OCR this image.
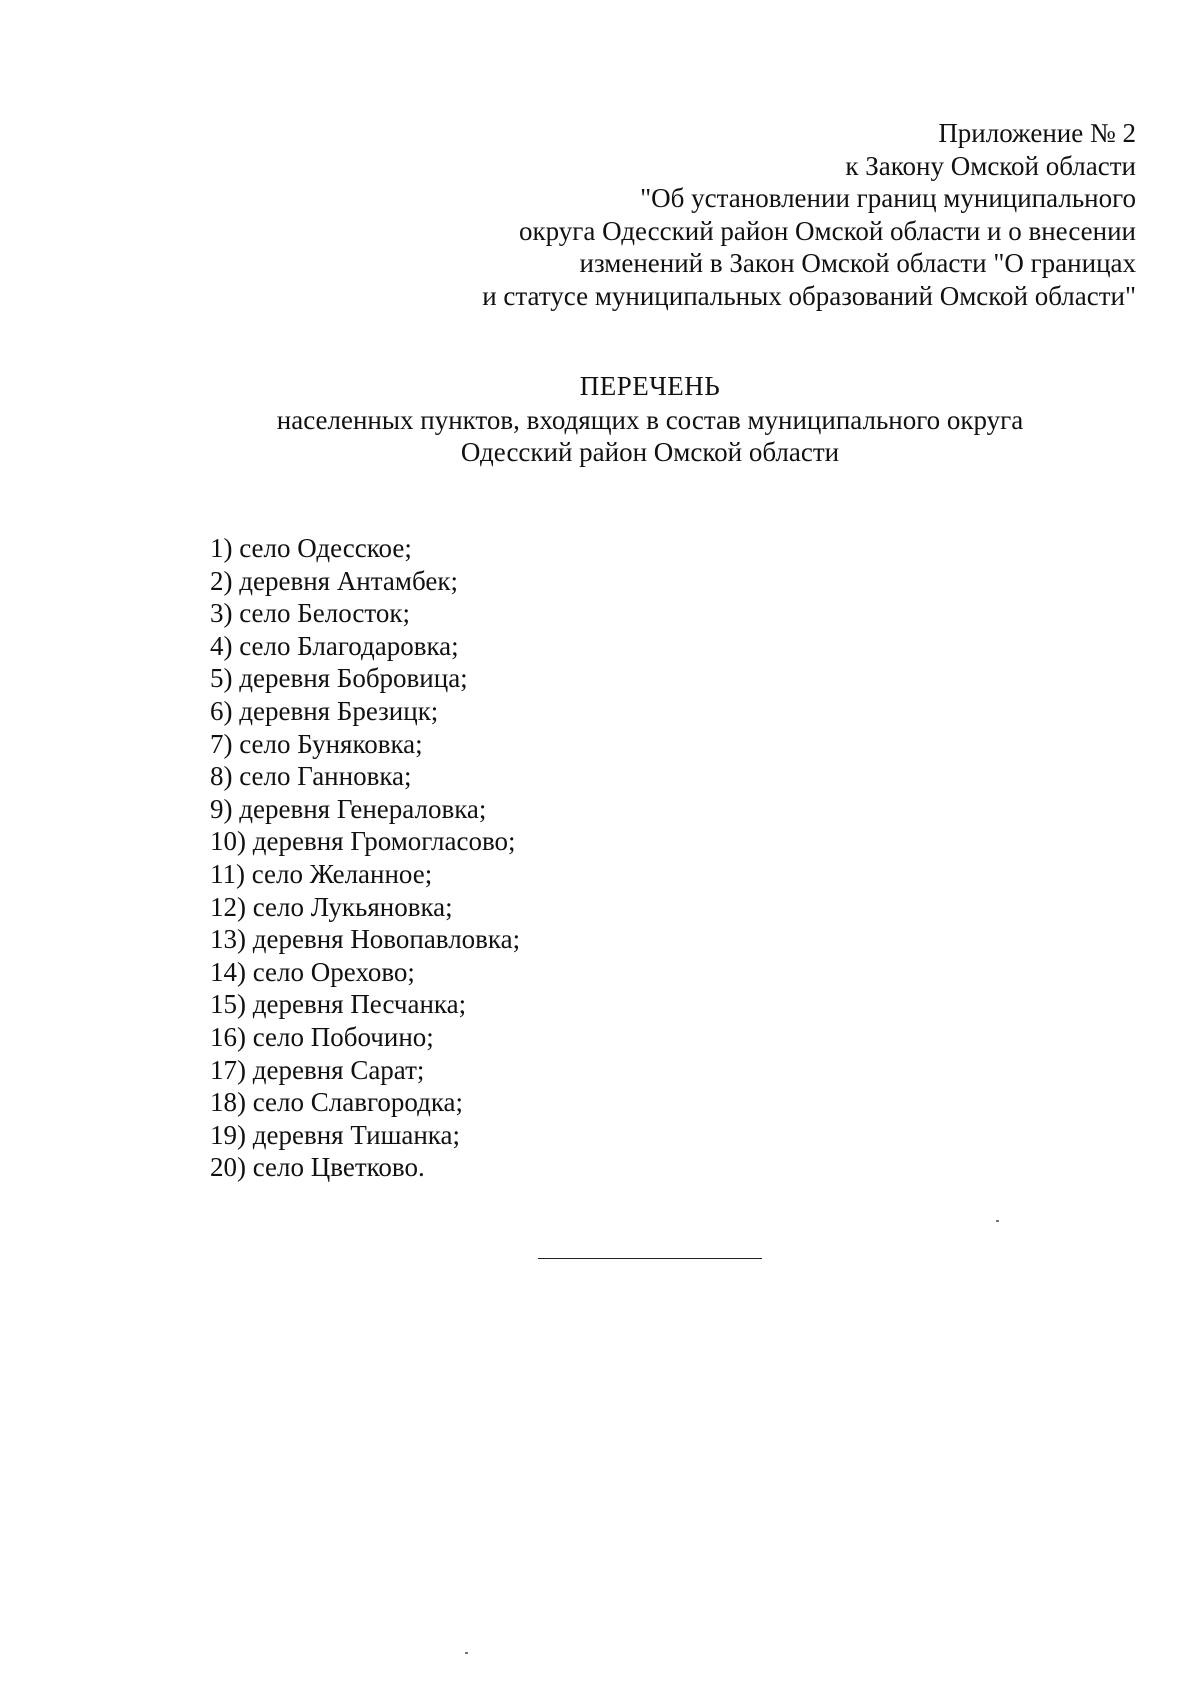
Приложение № 2
к Закону Омской области
"Об установлении границ муниципального
округа Одесский район Омской области и о внесении
изменений в Закон Омской области "О границах
и статусе муниципальных образований Омской области"
ПЕРЕЧЕНЬ
населенных пунктов, входящих в состав муниципального округа
Одесский район Омской области
1) село Одесское;
2) деревня Антамбек;
3) село Белосток;
4) село Благодаровка;
5) деревня Бобровица;
6) деревня Брезицк;
7) село Буняковка;
8) село Ганновка;
9) деревня Генераловка;
10) деревня Громогласово;
11) село Желанное;
12) село Лукьяновка;
13) деревня Новопавловка;
14) село Орехово;
15) деревня Песчанка;
16) село Побочино;
17) деревня Сарат;
18) село Славгородка;
19) деревня Тишанка;
20) село Цветково.
